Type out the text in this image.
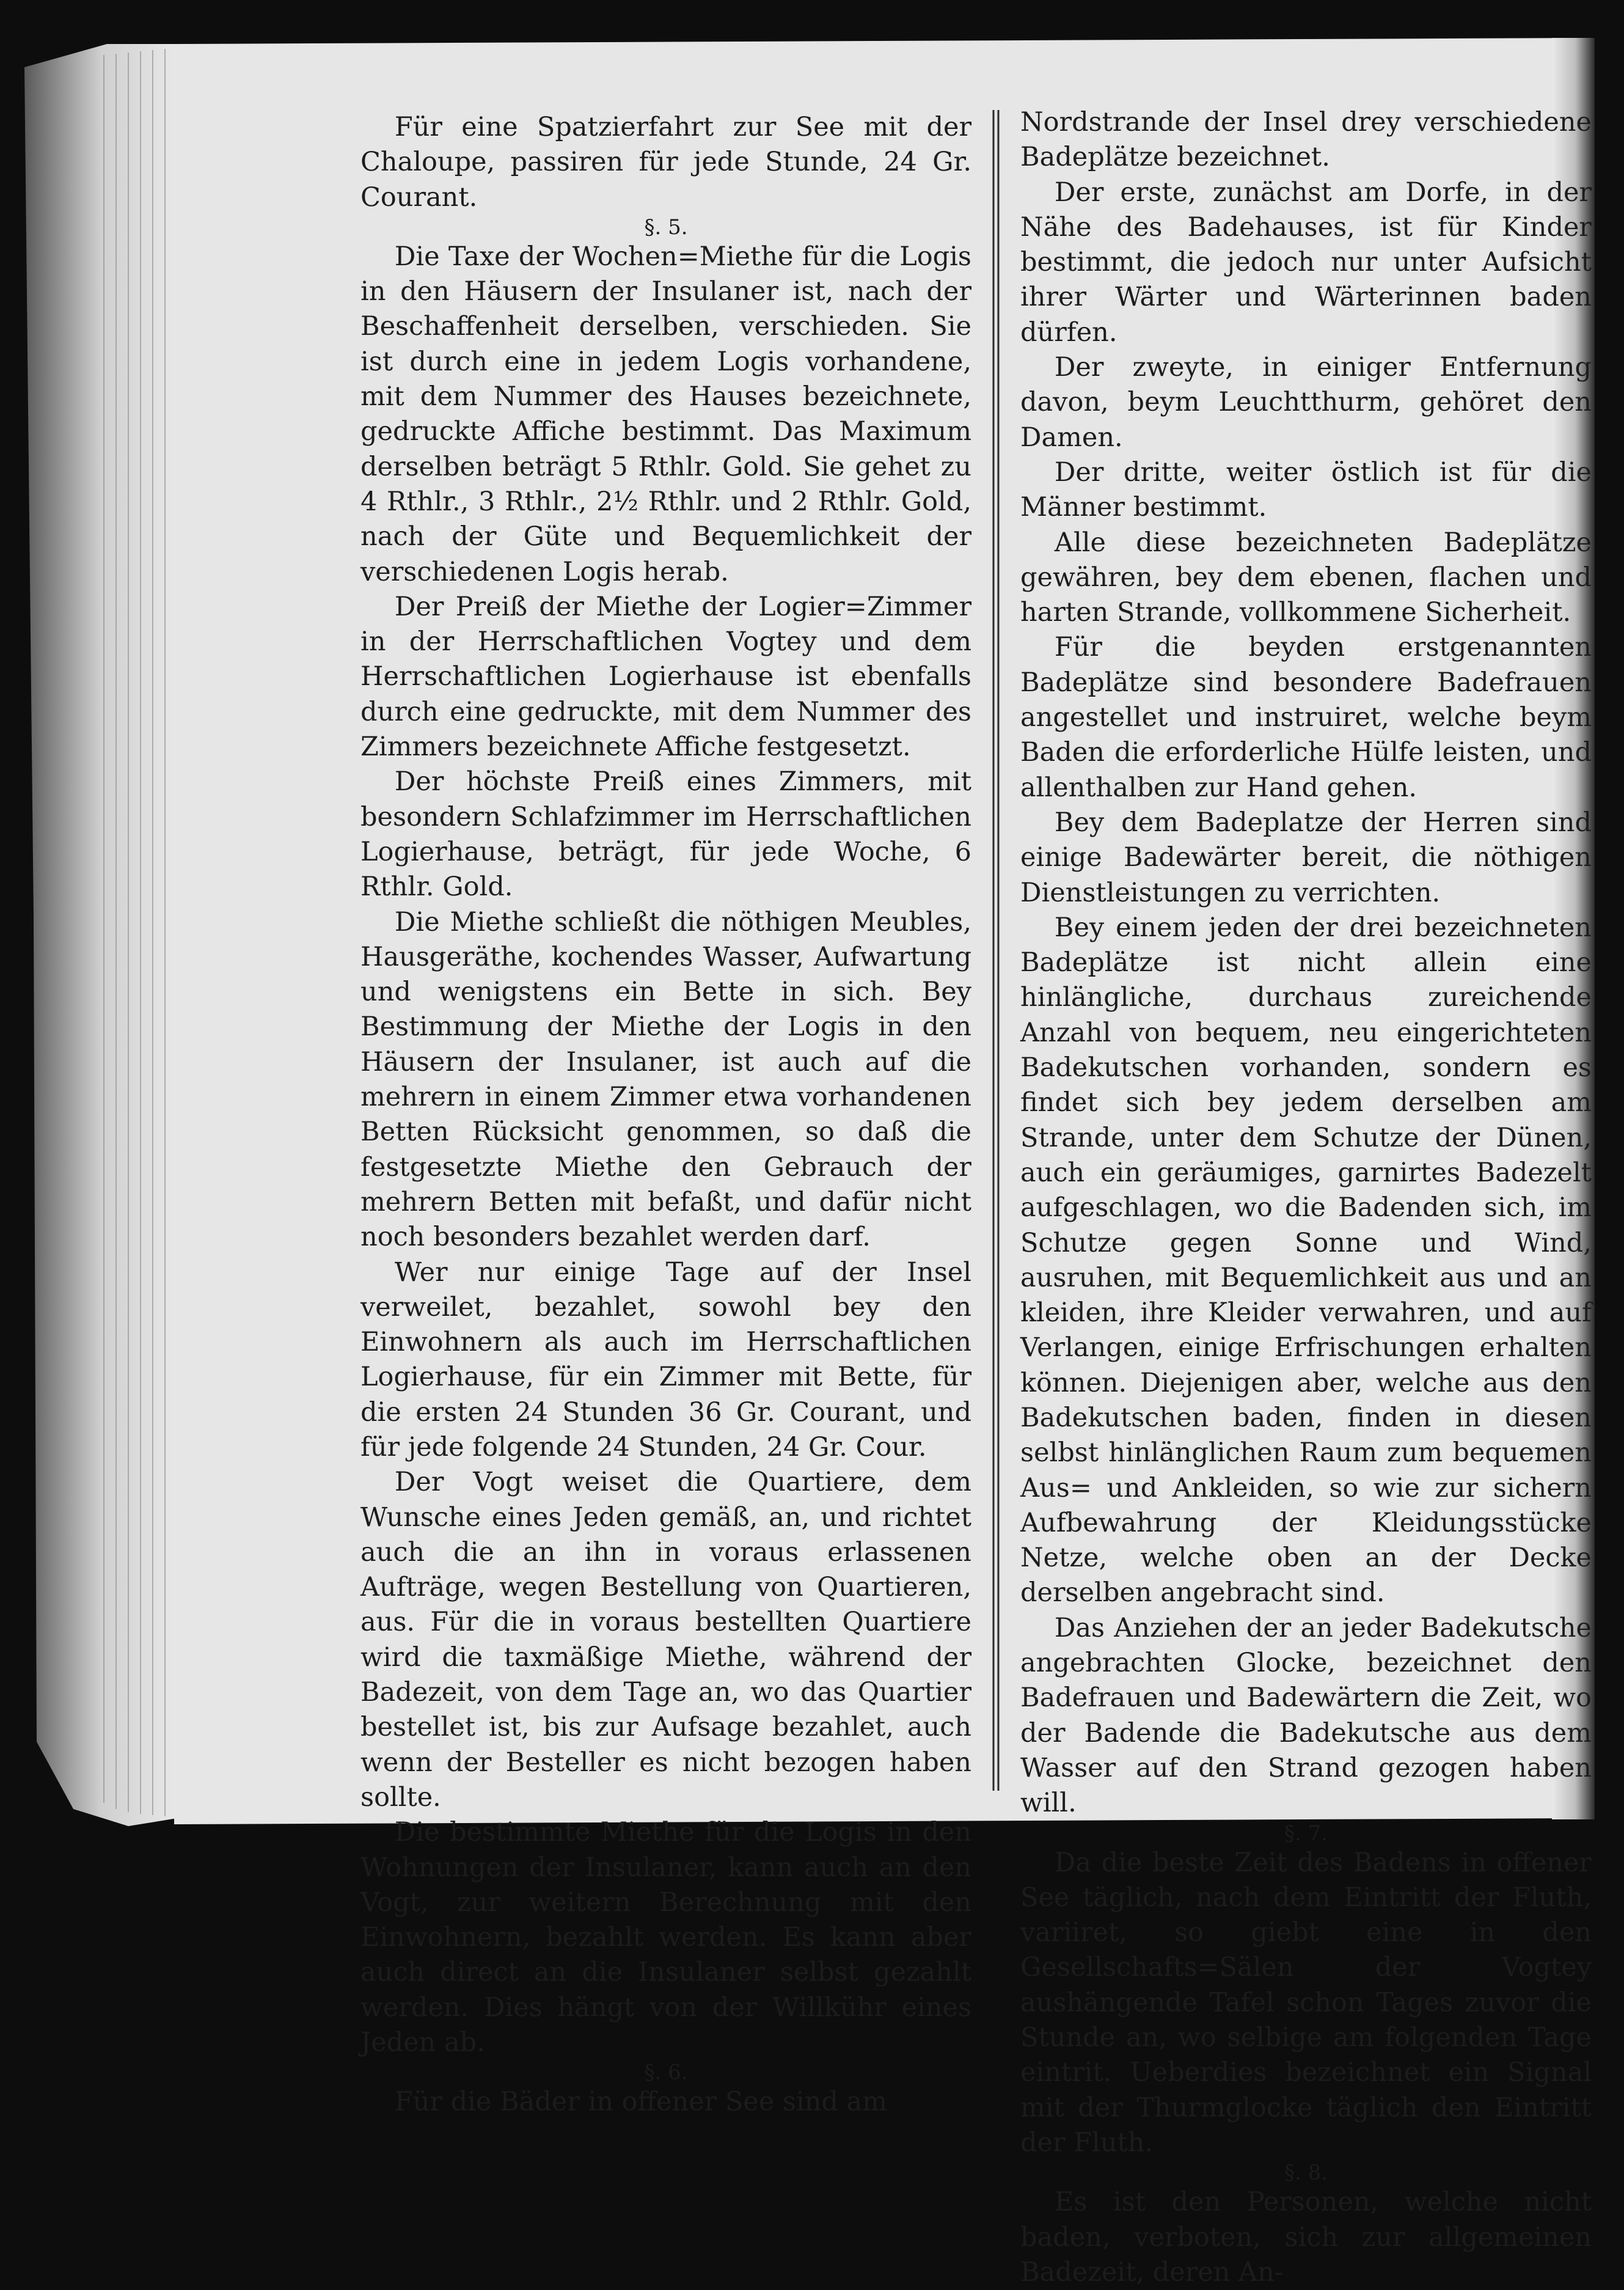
Für eine Spatzierfahrt zur See mit der Chaloupe, passiren für jede Stunde, 24 Gr. Courant.

§. 5.

Die Taxe der Wochen=Miethe für die Logis in den Häusern der Insulaner ist, nach der Beschaffenheit derselben, verschieden. Sie ist durch eine in jedem Logis vorhandene, mit dem Nummer des Hauses bezeichnete, gedruckte Affiche bestimmt. Das Maximum derselben beträgt 5 Rthlr. Gold. Sie gehet zu 4 Rthlr., 3 Rthlr., 2½ Rthlr. und 2 Rthlr. Gold, nach der Güte und Bequemlichkeit der verschiedenen Logis herab.

Der Preiß der Miethe der Logier=Zimmer in der Herrschaftlichen Vogtey und dem Herrschaftlichen Logierhause ist ebenfalls durch eine gedruckte, mit dem Nummer des Zimmers bezeichnete Affiche festgesetzt.

Der höchste Preiß eines Zimmers, mit besondern Schlafzimmer im Herrschaftlichen Logierhause, beträgt, für jede Woche, 6 Rthlr. Gold.

Die Miethe schließt die nöthigen Meubles, Hausgeräthe, kochendes Wasser, Aufwartung und wenigstens ein Bette in sich. Bey Bestimmung der Miethe der Logis in den Häusern der Insulaner, ist auch auf die mehrern in einem Zimmer etwa vorhandenen Betten Rücksicht genommen, so daß die festgesetzte Miethe den Gebrauch der mehrern Betten mit befaßt, und dafür nicht noch besonders bezahlet werden darf.

Wer nur einige Tage auf der Insel verweilet, bezahlet, sowohl bey den Einwohnern als auch im Herrschaftlichen Logierhause, für ein Zimmer mit Bette, für die ersten 24 Stunden 36 Gr. Courant, und für jede folgende 24 Stunden, 24 Gr. Cour.

Der Vogt weiset die Quartiere, dem Wunsche eines Jeden gemäß, an, und richtet auch die an ihn in voraus erlassenen Aufträge, wegen Bestellung von Quartieren, aus. Für die in voraus bestellten Quartiere wird die taxmäßige Miethe, während der Badezeit, von dem Tage an, wo das Quartier bestellet ist, bis zur Aufsage bezahlet, auch wenn der Besteller es nicht bezogen haben sollte.

Die bestimmte Miethe für die Logis in den Wohnungen der Insulaner, kann auch an den Vogt, zur weitern Berechnung mit den Einwohnern, bezahlt werden. Es kann aber auch direct an die Insulaner selbst gezahlt werden. Dies hängt von der Willkühr eines Jeden ab.

§. 6.

Für die Bäder in offener See sind am

Nordstrande der Insel drey verschiedene Badeplätze bezeichnet.

Der erste, zunächst am Dorfe, in der Nähe des Badehauses, ist für Kinder bestimmt, die jedoch nur unter Aufsicht ihrer Wärter und Wärterinnen baden dürfen.

Der zweyte, in einiger Entfernung davon, beym Leuchtthurm, gehöret den Damen.

Der dritte, weiter östlich ist für die Männer bestimmt.

Alle diese bezeichneten Badeplätze gewähren, bey dem ebenen, flachen und harten Strande, vollkommene Sicherheit.

Für die beyden erstgenannten Badeplätze sind besondere Badefrauen angestellet und instruiret, welche beym Baden die erforderliche Hülfe leisten, und allenthalben zur Hand gehen.

Bey dem Badeplatze der Herren sind einige Badewärter bereit, die nöthigen Dienstleistungen zu verrichten.

Bey einem jeden der drei bezeichneten Badeplätze ist nicht allein eine hinlängliche, durchaus zureichende Anzahl von bequem, neu eingerichteten Badekutschen vorhanden, sondern es findet sich bey jedem derselben am Strande, unter dem Schutze der Dünen, auch ein geräumiges, garnirtes Badezelt aufgeschlagen, wo die Badenden sich, im Schutze gegen Sonne und Wind, ausruhen, mit Bequemlichkeit aus und an kleiden, ihre Kleider verwahren, und auf Verlangen, einige Erfrischungen erhalten können. Diejenigen aber, welche aus den Badekutschen baden, finden in diesen selbst hinlänglichen Raum zum bequemen Aus= und Ankleiden, so wie zur sichern Aufbewahrung der Kleidungsstücke Netze, welche oben an der Decke derselben angebracht sind.

Das Anziehen der an jeder Badekutsche angebrachten Glocke, bezeichnet den Badefrauen und Badewärtern die Zeit, wo der Badende die Badekutsche aus dem Wasser auf den Strand gezogen haben will.

§. 7.

Da die beste Zeit des Badens in offener See täglich, nach dem Eintritt der Fluth, variiret, so giebt eine in den Gesellschafts=Sälen der Vogtey aushängende Tafel schon Tages zuvor die Stunde an, wo selbige am folgenden Tage eintrit. Ueberdies bezeichnet ein Signal mit der Thurmglocke täglich den Eintritt der Fluth.

§. 8.

Es ist den Personen, welche nicht baden, verboten, sich zur allgemeinen Badezeit, deren An-
